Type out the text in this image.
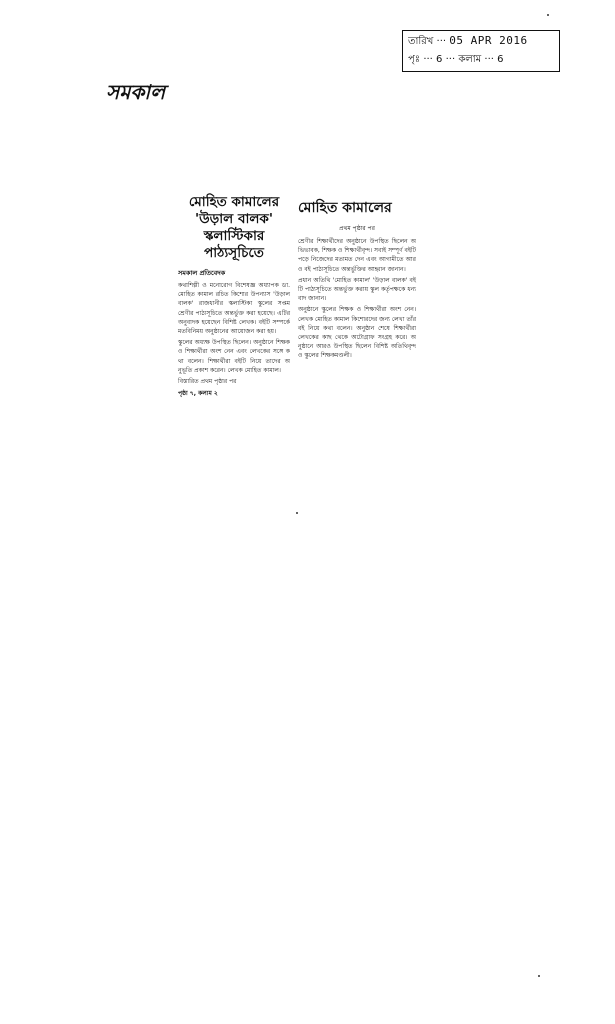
তারিখ ··· 05 APR 2016
পৃঃ ··· 6 ··· কলাম ··· 6
সমকাল
মোহিত কামালের 'উড়াল বালক' স্কলাস্টিকার পাঠ্যসূচিতে
সমকাল প্রতিবেদক

কথাশিল্পী ও মনোরোগ বিশেষজ্ঞ অধ্যাপক ডা. মোহিত কামাল রচিত কিশোর উপন্যাস 'উড়াল বালক' রাজধানীর স্কলাস্টিকা স্কুলের সপ্তম শ্রেণীর পাঠ্যসূচিতে অন্তর্ভুক্ত করা হয়েছে। এটির অনুবাদক হয়েছেন বিশিষ্ট লেখক। বইটি সম্পর্কে মতবিনিময় অনুষ্ঠানের আয়োজন করা হয়।

স্কুলের অধ্যক্ষ উপস্থিত ছিলেন। অনুষ্ঠানে শিক্ষক ও শিক্ষার্থীরা অংশ নেন এবং লেখকের সঙ্গে কথা বলেন। শিক্ষার্থীরা বইটি নিয়ে তাদের অনুভূতি প্রকাশ করেন। লেখক মোহিত কামাল।

বিস্তারিত প্রথম পৃষ্ঠার পর

পৃষ্ঠা ৭, কলাম ২
মোহিত কামালের
প্রথম পৃষ্ঠার পর

শ্রেণীর শিক্ষার্থীদের অনুষ্ঠানে উপস্থিত ছিলেন অভিভাবক, শিক্ষক ও শিক্ষার্থীবৃন্দ। সবাই সম্পূর্ণ বইটি পড়ে নিজেদের মতামত দেন এবং আগামীতে আরও বই পাঠ্যসূচিতে অন্তর্ভুক্তির আহ্বান জানান।

প্রধান অতিথি 'মোহিত কামাল' 'উড়াল বালক' বইটি পাঠ্যসূচিতে অন্তর্ভুক্ত করায় স্কুল কর্তৃপক্ষকে ধন্যবাদ জানান।

অনুষ্ঠানে স্কুলের শিক্ষক ও শিক্ষার্থীরা অংশ নেন। লেখক মোহিত কামাল কিশোরদের জন্য লেখা তাঁর বই নিয়ে কথা বলেন। অনুষ্ঠান শেষে শিক্ষার্থীরা লেখকের কাছ থেকে অটোগ্রাফ সংগ্রহ করে। অনুষ্ঠানে আরও উপস্থিত ছিলেন বিশিষ্ট অতিথিবৃন্দ ও স্কুলের শিক্ষকমণ্ডলী।
